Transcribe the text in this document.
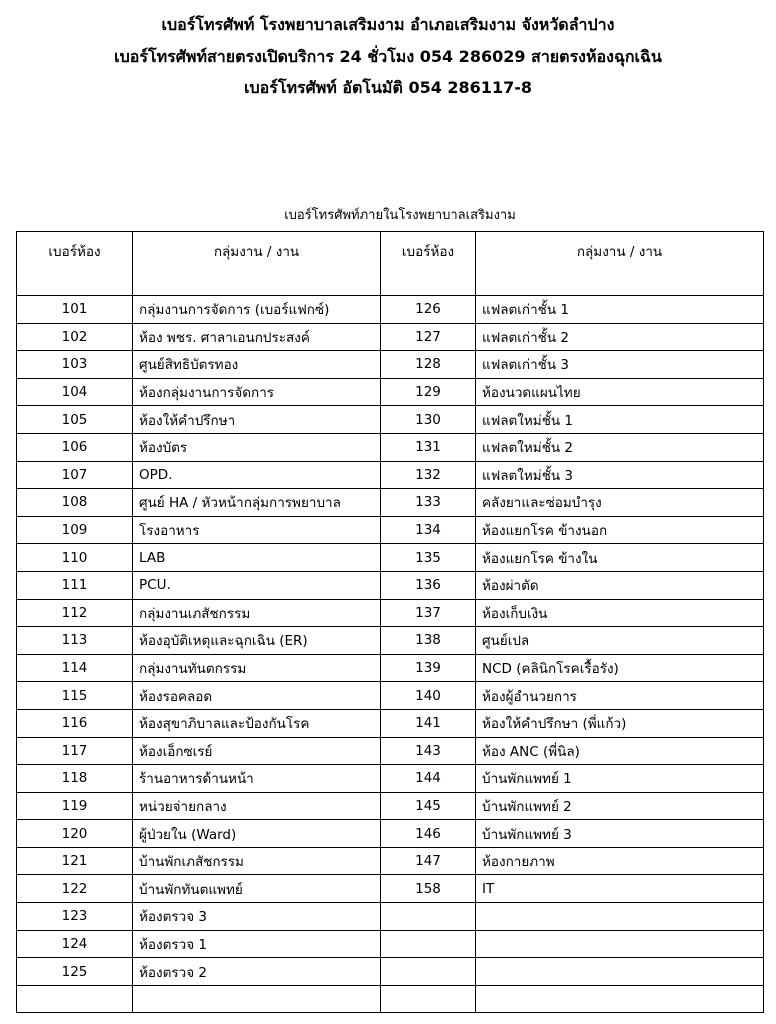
เบอร์โทรศัพท์ โรงพยาบาลเสริมงาม อำเภอเสริมงาม จังหวัดลำปาง
เบอร์โทรศัพท์สายตรงเปิดบริการ 24 ชั่วโมง 054 286029 สายตรงห้องฉุกเฉิน
เบอร์โทรศัพท์ อัตโนมัติ 054 286117-8
เบอร์โทรศัพท์ภายในโรงพยาบาลเสริมงาม
เบอร์ห้อง	กลุ่มงาน / งาน	เบอร์ห้อง	กลุ่มงาน / งาน
101	กลุ่มงานการจัดการ (เบอร์แฟกซ์)	126	แฟลตเก่าชั้น 1
102	ห้อง พชร. ศาลาเอนกประสงค์	127	แฟลตเก่าชั้น 2
103	ศูนย์สิทธิบัตรทอง	128	แฟลตเก่าชั้น 3
104	ห้องกลุ่มงานการจัดการ	129	ห้องนวดแผนไทย
105	ห้องให้คำปรึกษา	130	แฟลตใหม่ชั้น 1
106	ห้องบัตร	131	แฟลตใหม่ชั้น 2
107	OPD.	132	แฟลตใหม่ชั้น 3
108	ศูนย์ HA / หัวหน้ากลุ่มการพยาบาล	133	คลังยาและซ่อมบำรุง
109	โรงอาหาร	134	ห้องแยกโรค ข้างนอก
110	LAB	135	ห้องแยกโรค ข้างใน
111	PCU.	136	ห้องผ่าตัด
112	กลุ่มงานเภสัชกรรม	137	ห้องเก็บเงิน
113	ห้องอุบัติเหตุและฉุกเฉิน (ER)	138	ศูนย์เปล
114	กลุ่มงานทันตกรรม	139	NCD (คลินิกโรคเรื้อรัง)
115	ห้องรอคลอด	140	ห้องผู้อำนวยการ
116	ห้องสุขาภิบาลและป้องกันโรค	141	ห้องให้คำปรึกษา (พี่แก้ว)
117	ห้องเอ็กซเรย์	143	ห้อง ANC (พี่นิล)
118	ร้านอาหารด้านหน้า	144	บ้านพักแพทย์ 1
119	หน่วยจ่ายกลาง	145	บ้านพักแพทย์ 2
120	ผู้ป่วยใน (Ward)	146	บ้านพักแพทย์ 3
121	บ้านพักเภสัชกรรม	147	ห้องกายภาพ
122	บ้านพักทันตแพทย์	158	IT
123	ห้องตรวจ 3		
124	ห้องตรวจ 1		
125	ห้องตรวจ 2		
